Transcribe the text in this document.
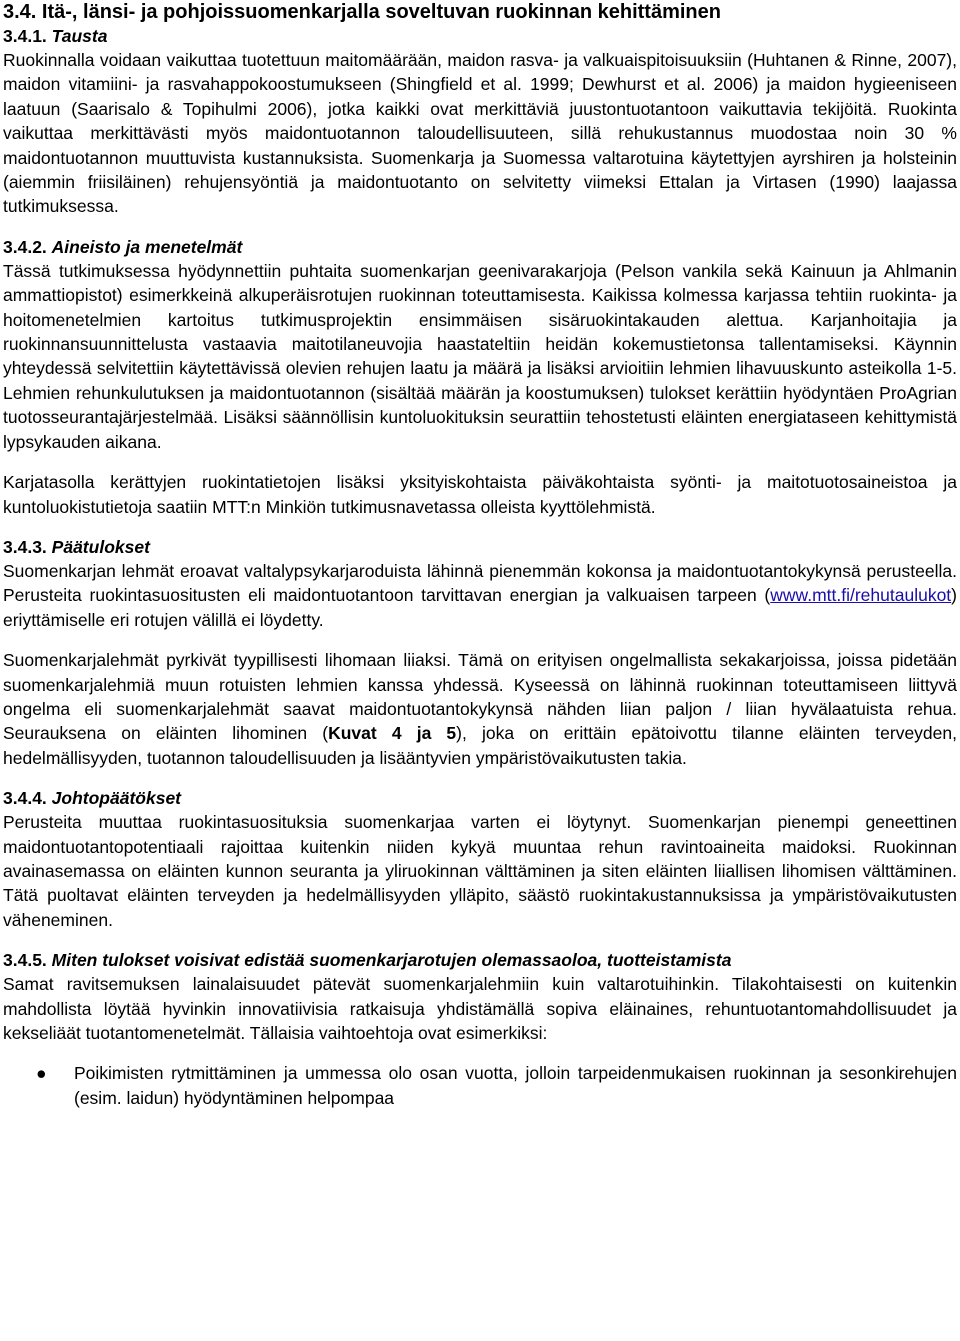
3.4. Itä-, länsi- ja pohjoissuomenkarjalla soveltuvan ruokinnan kehittäminen
3.4.1. Tausta

Ruokinnalla voidaan vaikuttaa tuotettuun maitomäärään, maidon rasva- ja valkuaispitoisuuksiin (Huhtanen & Rinne, 2007), maidon vitamiini- ja rasvahappokoostumukseen (Shingfield et al. 1999; Dewhurst et al. 2006) ja maidon hygieeniseen laatuun (Saarisalo & Topihulmi 2006), jotka kaikki ovat merkittäviä juustontuotantoon vaikuttavia tekijöitä. Ruokinta vaikuttaa merkittävästi myös maidontuotannon taloudellisuuteen, sillä rehukustannus muodostaa noin 30 % maidontuotannon muuttuvista kustannuksista. Suomenkarja ja Suomessa valtarotuina käytettyjen ayrshiren ja holsteinin (aiemmin friisiläinen) rehujensyöntiä ja maidontuotanto on selvitetty viimeksi Ettalan ja Virtasen (1990) laajassa tutkimuksessa.

3.4.2. Aineisto ja menetelmät

Tässä tutkimuksessa hyödynnettiin puhtaita suomenkarjan geenivarakarjoja (Pelson vankila sekä Kainuun ja Ahlmanin ammattiopistot) esimerkkeinä alkuperäisrotujen ruokinnan toteuttamisesta. Kaikissa kolmessa karjassa tehtiin ruokinta- ja hoitomenetelmien kartoitus tutkimusprojektin ensimmäisen sisäruokintakauden alettua. Karjanhoitajia ja ruokinnansuunnittelusta vastaavia maitotilaneuvojia haastateltiin heidän kokemustietonsa tallentamiseksi. Käynnin yhteydessä selvitettiin käytettävissä olevien rehujen laatu ja määrä ja lisäksi arvioitiin lehmien lihavuuskunto asteikolla 1-5. Lehmien rehunkulutuksen ja maidontuotannon (sisältää määrän ja koostumuksen) tulokset kerättiin hyödyntäen ProAgrian tuotosseurantajärjestelmää. Lisäksi säännöllisin kuntoluokituksin seurattiin tehostetusti eläinten energiataseen kehittymistä lypsykauden aikana.

Karjatasolla kerättyjen ruokintatietojen lisäksi yksityiskohtaista päiväkohtaista syönti- ja maitotuotosaineistoa ja kuntoluokistutietoja saatiin MTT:n Minkiön tutkimusnavetassa olleista kyyttölehmistä.

3.4.3. Päätulokset

Suomenkarjan lehmät eroavat valtalypsykarjaroduista lähinnä pienemmän kokonsa ja maidontuotantokykynsä perusteella. Perusteita ruokintasuositusten eli maidontuotantoon tarvittavan energian ja valkuaisen tarpeen (www.mtt.fi/rehutaulukot) eriyttämiselle eri rotujen välillä ei löydetty.

Suomenkarjalehmät pyrkivät tyypillisesti lihomaan liiaksi. Tämä on erityisen ongelmallista sekakarjoissa, joissa pidetään suomenkarjalehmiä muun rotuisten lehmien kanssa yhdessä. Kyseessä on lähinnä ruokinnan toteuttamiseen liittyvä ongelma eli suomenkarjalehmät saavat maidontuotantokykynsä nähden liian paljon / liian hyvälaatuista rehua. Seurauksena on eläinten lihominen (Kuvat 4 ja 5), joka on erittäin epätoivottu tilanne eläinten terveyden, hedelmällisyyden, tuotannon taloudellisuuden ja lisääntyvien ympäristövaikutusten takia.

3.4.4. Johtopäätökset

Perusteita muuttaa ruokintasuosituksia suomenkarjaa varten ei löytynyt. Suomenkarjan pienempi geneettinen maidontuotantopotentiaali rajoittaa kuitenkin niiden kykyä muuntaa rehun ravintoaineita maidoksi. Ruokinnan avainasemassa on eläinten kunnon seuranta ja yliruokinnan välttäminen ja siten eläinten liiallisen lihomisen välttäminen. Tätä puoltavat eläinten terveyden ja hedelmällisyyden ylläpito, säästö ruokintakustannuksissa ja ympäristövaikutusten väheneminen.

3.4.5. Miten tulokset voisivat edistää suomenkarjarotujen olemassaoloa, tuotteistamista

Samat ravitsemuksen lainalaisuudet pätevät suomenkarjalehmiin kuin valtarotuihinkin. Tilakohtaisesti on kuitenkin mahdollista löytää hyvinkin innovatiivisia ratkaisuja yhdistämällä sopiva eläinaines, rehuntuotantomahdollisuudet ja kekseliäät tuotantomenetelmät. Tällaisia vaihtoehtoja ovat esimerkiksi:

● Poikimisten rytmittäminen ja ummessa olo osan vuotta, jolloin tarpeidenmukaisen ruokinnan ja sesonkirehujen (esim. laidun) hyödyntäminen helpompaa
